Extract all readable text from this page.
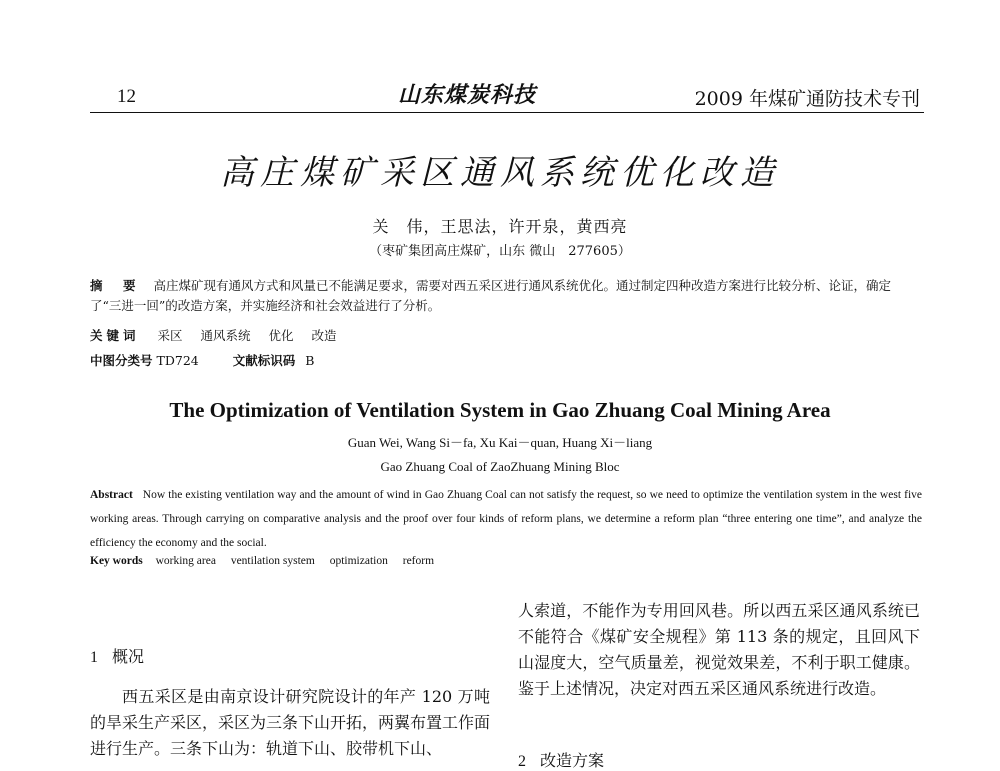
12	山东煤炭科技	2009 年煤矿通防技术专刊
高庄煤矿采区通风系统优化改造
关　伟，王思法，许开泉，黄西亮
（枣矿集团高庄煤矿，山东 微山　277605）
摘　要 高庄煤矿现有通风方式和风量已不能满足要求，需要对西五采区进行通风系统优化。通过制定四种改造方案进行比较分析、论证，确定了“三进一回”的改造方案，并实施经济和社会效益进行了分析。
关键词 采区 通风系统 优化 改造
中图分类号 TD724	文献标识码 B
The Optimization of Ventilation System in Gao Zhuang Coal Mining Area
Guan Wei, Wang Si－fa, Xu Kai－quan, Huang Xi－liang
Gao Zhuang Coal of ZaoZhuang Mining Bloc
Abstract Now the existing ventilation way and the amount of wind in Gao Zhuang Coal can not satisfy the request, so we need to optimize the ventilation system in the west five working areas. Through carrying on comparative analysis and the proof over four kinds of reform plans, we determine a reform plan “three entering one time”, and analyze the efficiency the economy and the social.
Key words working area ventilation system optimization reform
1 概况
西五采区是由南京设计研究院设计的年产 120 万吨的旱采生产采区，采区为三条下山开拓，两翼布置工作面进行生产。三条下山为：轨道下山、胶带机下山、
人索道，不能作为专用回风巷。所以西五采区通风系统已不能符合《煤矿安全规程》第 113 条的规定，且回风下山湿度大，空气质量差，视觉效果差，不利于职工健康。鉴于上述情况，决定对西五采区通风系统进行改造。
2 改造方案
